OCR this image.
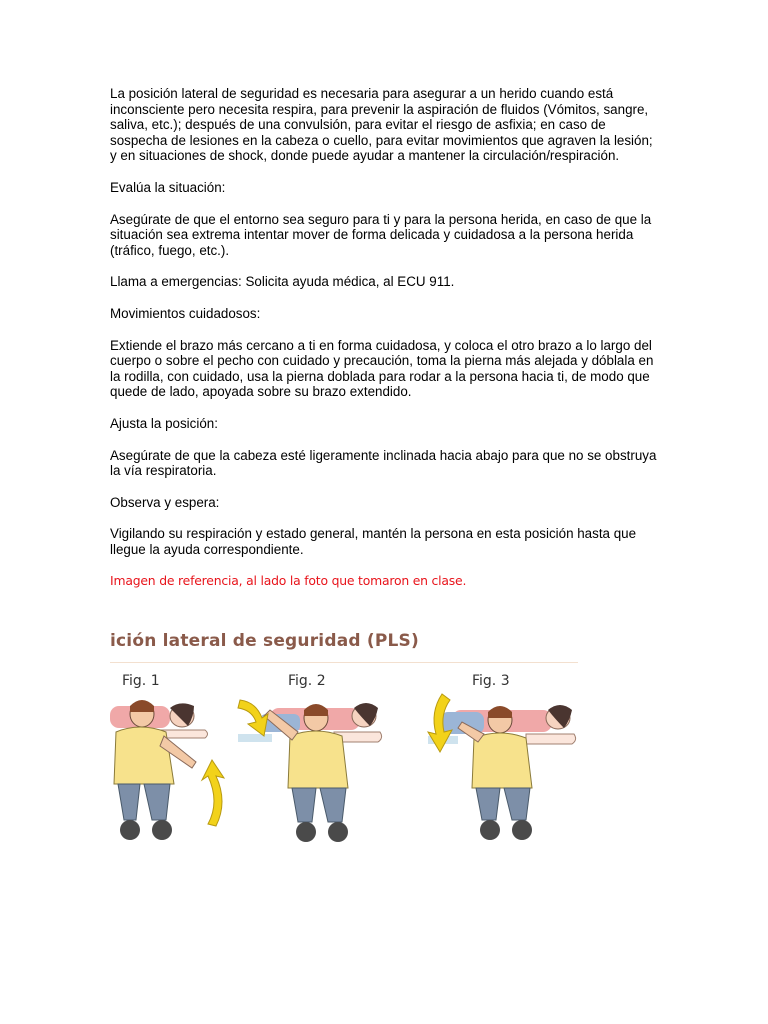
La posición lateral de seguridad es necesaria para asegurar a un herido cuando está inconsciente pero necesita respira, para prevenir la aspiración de fluidos (Vómitos, sangre, saliva, etc.); después de una convulsión, para evitar el riesgo de asfixia; en caso de sospecha de lesiones en la cabeza o cuello, para evitar movimientos que agraven la lesión; y en situaciones de shock, donde puede ayudar a mantener la circulación/respiración.

Evalúa la situación:

Asegúrate de que el entorno sea seguro para ti y para la persona herida, en caso de que la situación sea extrema intentar mover de forma delicada y cuidadosa a la persona herida (tráfico, fuego, etc.).

Llama a emergencias: Solicita ayuda médica, al ECU 911.

Movimientos cuidadosos:

Extiende el brazo más cercano a ti en forma cuidadosa, y coloca el otro brazo a lo largo del cuerpo o sobre el pecho con cuidado y precaución, toma la pierna más alejada y dóblala en la rodilla, con cuidado, usa la pierna doblada para rodar a la persona hacia ti, de modo que quede de lado, apoyada sobre su brazo extendido.

Ajusta la posición:

Asegúrate de que la cabeza esté ligeramente inclinada hacia abajo para que no se obstruya la vía respiratoria.

Observa y espera:

Vigilando su respiración y estado general, mantén la persona en esta posición hasta que llegue la ayuda correspondiente.

Imagen de referencia, al lado la foto que tomaron en clase.

ición lateral de seguridad (PLS)
Fig. 1	Fig. 2	Fig. 3
